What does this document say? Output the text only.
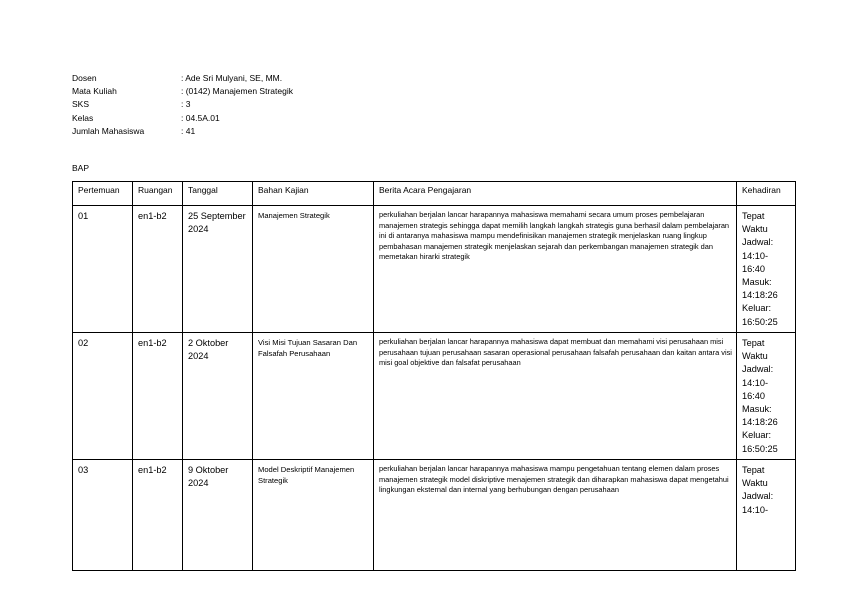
Dosen	: Ade Sri Mulyani, SE, MM.
Mata Kuliah	: (0142) Manajemen Strategik
SKS	: 3
Kelas	: 04.5A.01
Jumlah Mahasiswa	: 41
BAP
Pertemuan	Ruangan	Tanggal	Bahan Kajian	Berita Acara Pengajaran	Kehadiran
01	en1-b2	25 September 2024	Manajemen Strategik	perkuliahan berjalan lancar harapannya mahasiswa memahami secara umum proses pembelajaran manajemen strategis sehingga dapat memilih langkah langkah strategis guna berhasil dalam pembelajaran ini di antaranya mahasiswa mampu mendefinisikan manajemen strategik menjelaskan ruang lingkup pembahasan manajemen strategik menjelaskan sejarah dan perkembangan manajemen strategik dan memetakan hirarki strategik	Tepat Waktu Jadwal: 14:10-16:40 Masuk: 14:18:26 Keluar: 16:50:25
02	en1-b2	2 Oktober 2024	Visi Misi Tujuan Sasaran Dan Falsafah Perusahaan	perkuliahan berjalan lancar harapannya mahasiswa dapat membuat dan memahami visi perusahaan misi perusahaan tujuan perusahaan sasaran operasional perusahaan falsafah perusahaan dan kaitan antara visi misi goal objektive dan falsafat perusahaan	Tepat Waktu Jadwal: 14:10-16:40 Masuk: 14:18:26 Keluar: 16:50:25
03	en1-b2	9 Oktober 2024	Model Deskriptif Manajemen Strategik	perkuliahan berjalan lancar harapannya mahasiswa mampu pengetahuan tentang elemen dalam proses manajemen strategik model diskriptive menajemen strategik dan diharapkan mahasiswa dapat mengetahui lingkungan eksternal dan internal yang berhubungan dengan perusahaan	Tepat Waktu Jadwal: 14:10-
